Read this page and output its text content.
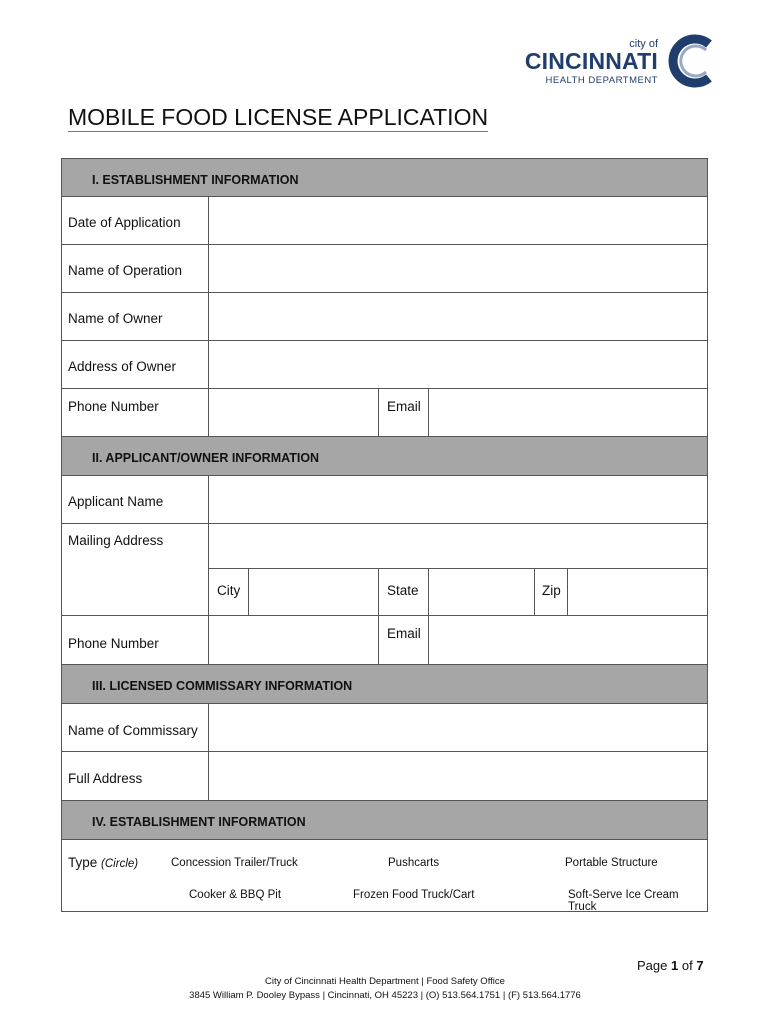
city of
CINCINNATI
HEALTH DEPARTMENT
MOBILE FOOD LICENSE APPLICATION
I. ESTABLISHMENT INFORMATION
Date of Application
Name of Operation
Name of Owner
Address of Owner
Phone Number	Email
II. APPLICANT/OWNER INFORMATION
Applicant Name
Mailing Address
City	State	Zip
Phone Number
Email
III. LICENSED COMMISSARY INFORMATION
Name of Commissary
Full Address
IV. ESTABLISHMENT INFORMATION
Type (Circle)	Concession Trailer/Truck	Pushcarts	Portable Structure
Cooker & BBQ Pit	Frozen Food Truck/Cart	Soft-Serve Ice Cream Truck
Page 1 of 7
City of Cincinnati Health Department | Food Safety Office
3845 William P. Dooley Bypass | Cincinnati, OH 45223 | (O) 513.564.1751 | (F) 513.564.1776
